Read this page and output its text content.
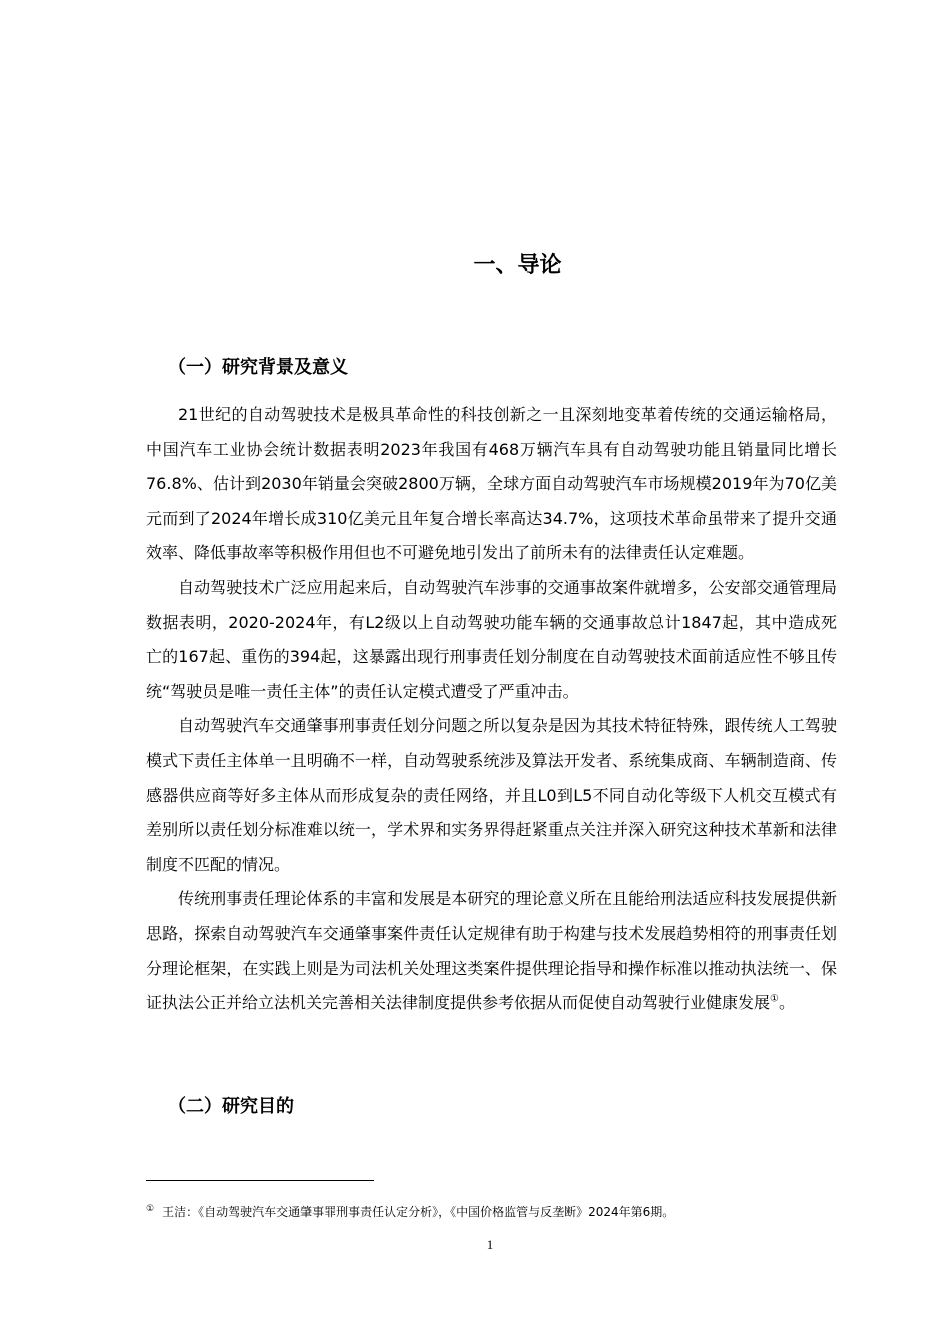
一、导论
（一）研究背景及意义

21世纪的自动驾驶技术是极具革命性的科技创新之一且深刻地变革着传统的交通运输格局，中国汽车工业协会统计数据表明2023年我国有468万辆汽车具有自动驾驶功能且销量同比增长76.8%、估计到2030年销量会突破2800万辆，全球方面自动驾驶汽车市场规模2019年为70亿美元而到了2024年增长成310亿美元且年复合增长率高达34.7%，这项技术革命虽带来了提升交通效率、降低事故率等积极作用但也不可避免地引发出了前所未有的法律责任认定难题。

自动驾驶技术广泛应用起来后，自动驾驶汽车涉事的交通事故案件就增多，公安部交通管理局数据表明，2020-2024年，有L2级以上自动驾驶功能车辆的交通事故总计1847起，其中造成死亡的167起、重伤的394起，这暴露出现行刑事责任划分制度在自动驾驶技术面前适应性不够且传统“驾驶员是唯一责任主体”的责任认定模式遭受了严重冲击。

自动驾驶汽车交通肇事刑事责任划分问题之所以复杂是因为其技术特征特殊，跟传统人工驾驶模式下责任主体单一且明确不一样，自动驾驶系统涉及算法开发者、系统集成商、车辆制造商、传感器供应商等好多主体从而形成复杂的责任网络，并且L0到L5不同自动化等级下人机交互模式有差别所以责任划分标准难以统一，学术界和实务界得赶紧重点关注并深入研究这种技术革新和法律制度不匹配的情况。

传统刑事责任理论体系的丰富和发展是本研究的理论意义所在且能给刑法适应科技发展提供新思路，探索自动驾驶汽车交通肇事案件责任认定规律有助于构建与技术发展趋势相符的刑事责任划分理论框架，在实践上则是为司法机关处理这类案件提供理论指导和操作标准以推动执法统一、保证执法公正并给立法机关完善相关法律制度提供参考依据从而促使自动驾驶行业健康发展①。

（二）研究目的
① 王洁：《自动驾驶汽车交通肇事罪刑事责任认定分析》，《中国价格监管与反垄断》2024年第6期。
1
